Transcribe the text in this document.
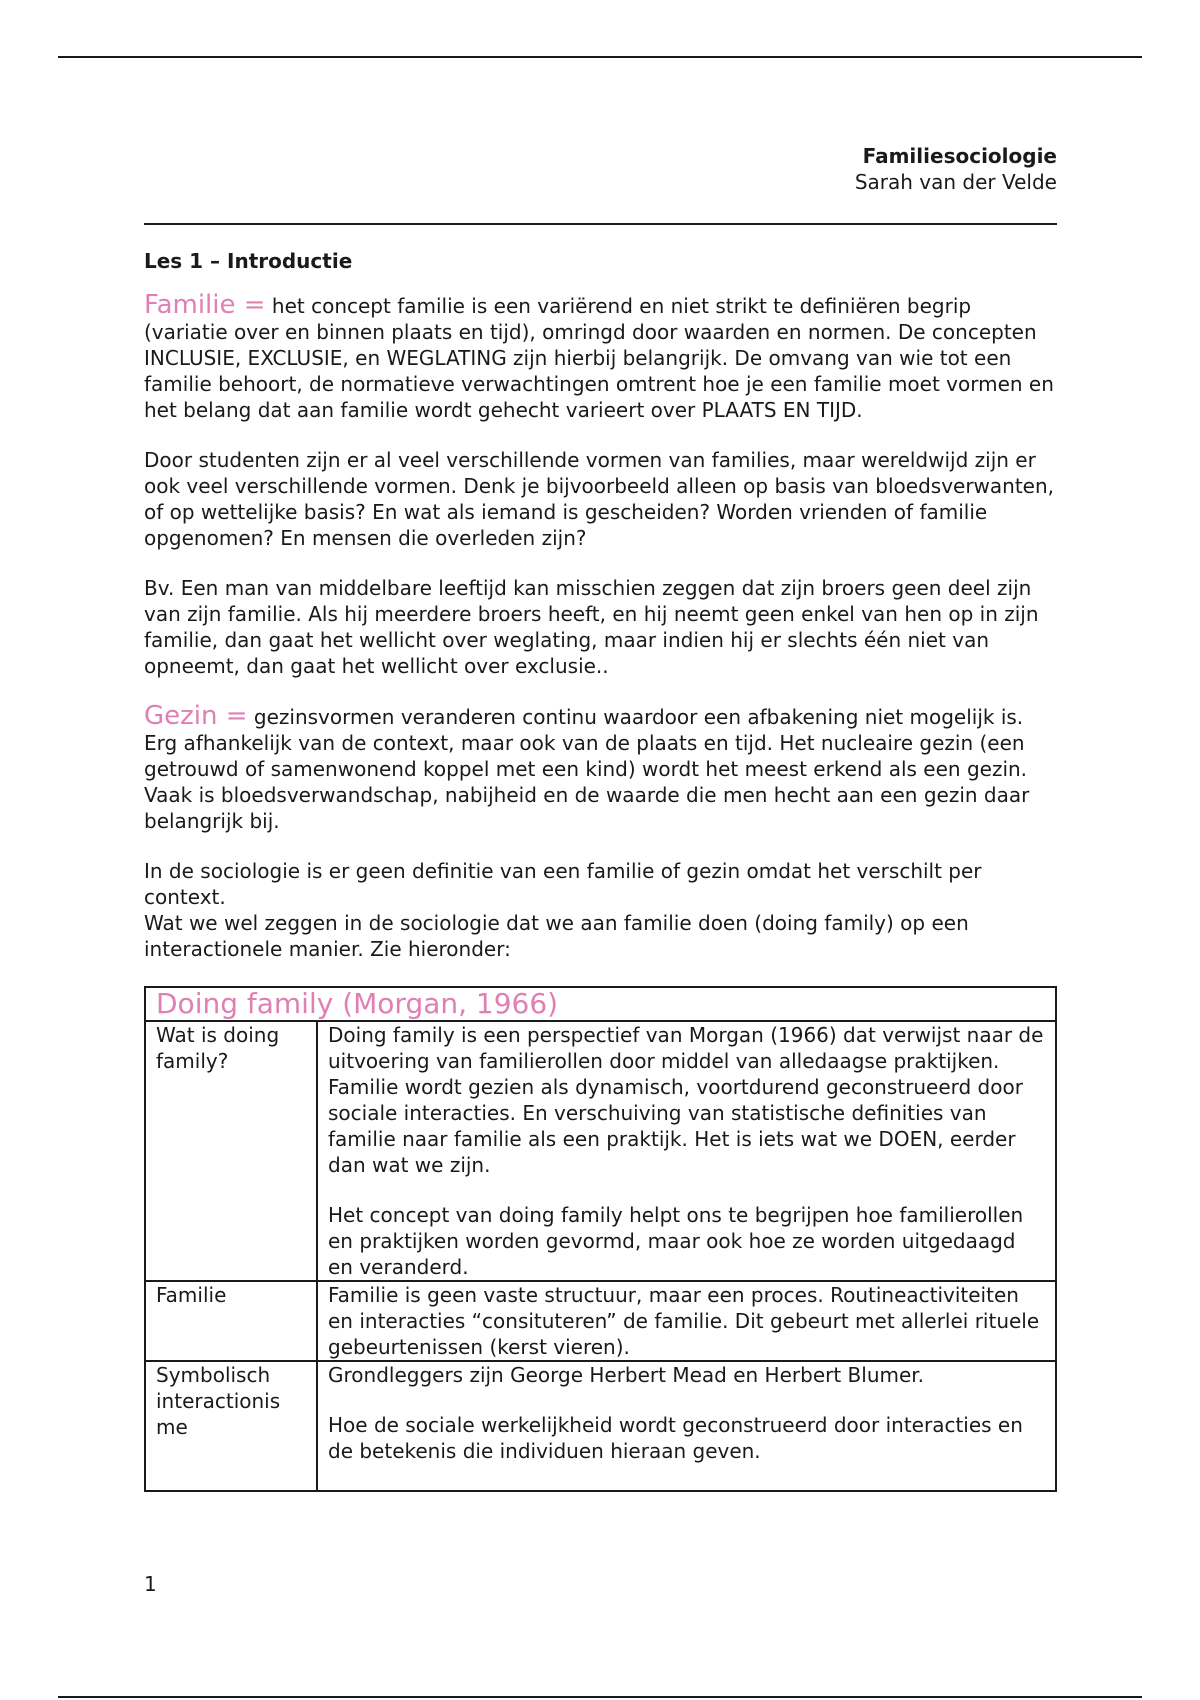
Familiesociologie
Sarah van der Velde
Les 1 – Introductie

Familie = het concept familie is een variërend en niet strikt te definiëren begrip (variatie over en binnen plaats en tijd), omringd door waarden en normen. De concepten INCLUSIE, EXCLUSIE, en WEGLATING zijn hierbij belangrijk. De omvang van wie tot een familie behoort, de normatieve verwachtingen omtrent hoe je een familie moet vormen en het belang dat aan familie wordt gehecht varieert over PLAATS EN TIJD.

Door studenten zijn er al veel verschillende vormen van families, maar wereldwijd zijn er ook veel verschillende vormen. Denk je bijvoorbeeld alleen op basis van bloedsverwanten, of op wettelijke basis? En wat als iemand is gescheiden? Worden vrienden of familie opgenomen? En mensen die overleden zijn?

Bv. Een man van middelbare leeftijd kan misschien zeggen dat zijn broers geen deel zijn van zijn familie. Als hij meerdere broers heeft, en hij neemt geen enkel van hen op in zijn familie, dan gaat het wellicht over weglating, maar indien hij er slechts één niet van opneemt, dan gaat het wellicht over exclusie..

Gezin = gezinsvormen veranderen continu waardoor een afbakening niet mogelijk is. Erg afhankelijk van de context, maar ook van de plaats en tijd. Het nucleaire gezin (een getrouwd of samenwonend koppel met een kind) wordt het meest erkend als een gezin. Vaak is bloedsverwandschap, nabijheid en de waarde die men hecht aan een gezin daar belangrijk bij.

In de sociologie is er geen definitie van een familie of gezin omdat het verschilt per context.

Wat we wel zeggen in de sociologie dat we aan familie doen (doing family) op een interactionele manier. Zie hieronder:

Doing family (Morgan, 1966)	
Wat is doing family?	Doing family is een perspectief van Morgan (1966) dat verwijst naar de uitvoering van familierollen door middel van alledaagse praktijken. Familie wordt gezien als dynamisch, voortdurend geconstrueerd door sociale interacties. En verschuiving van statistische definities van familie naar familie als een praktijk. Het is iets wat we DOEN, eerder dan wat we zijn.

Het concept van doing family helpt ons te begrijpen hoe familierollen en praktijken worden gevormd, maar ook hoe ze worden uitgedaagd en veranderd.

Familie	Familie is geen vaste structuur, maar een proces. Routineactiviteiten en interacties “consituteren” de familie. Dit gebeurt met allerlei rituele gebeurtenissen (kerst vieren).

Symbolisch interactionis me	Grondleggers zijn George Herbert Mead en Herbert Blumer.

Hoe de sociale werkelijkheid wordt geconstrueerd door interacties en de betekenis die individuen hieraan geven.

1
